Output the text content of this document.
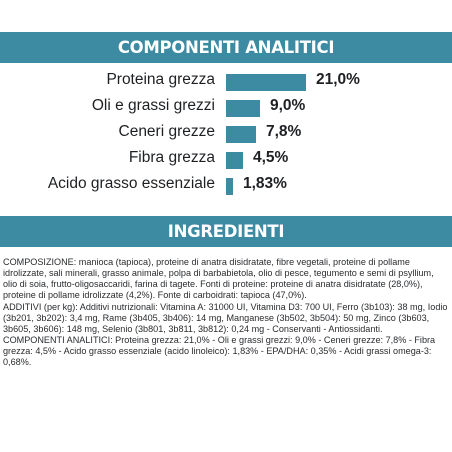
COMPONENTI ANALITICI
Proteina grezza	21,0%
Oli e grassi grezzi	9,0%
Ceneri grezze	7,8%
Fibra grezza 4,5%
Acido grasso essenziale 1,83%
INGREDIENTI

COMPOSIZIONE: manioca (tapioca), proteine di anatra disidratate, fibre vegetali, proteine di pollame idrolizzate, sali minerali, grasso animale, polpa di barbabietola, olio di pesce, tegumento e semi di psyllium, olio di soia, frutto-oligosaccaridi, farina di tagete. Fonti di proteine: proteine di anatra disidratate (28,0%), proteine di pollame idrolizzate (4,2%). Fonte di carboidrati: tapioca (47,0%).

ADDITIVI (per kg): Additivi nutrizionali: Vitamina A: 31000 UI, Vitamina D3: 700 UI, Ferro (3b103): 38 mg, Iodio (3b201, 3b202): 3,4 mg, Rame (3b405, 3b406): 14 mg, Manganese (3b502, 3b504): 50 mg, Zinco (3b603, 3b605, 3b606): 148 mg, Selenio (3b801, 3b811, 3b812): 0,24 mg - Conservanti - Antiossidanti.

COMPONENTI ANALITICI: Proteina grezza: 21,0% - Oli e grassi grezzi: 9,0% - Ceneri grezze: 7,8% - Fibra grezza: 4,5% - Acido grasso essenziale (acido linoleico): 1,83% - EPA/DHA: 0,35% - Acidi grassi omega-3: 0,68%.
